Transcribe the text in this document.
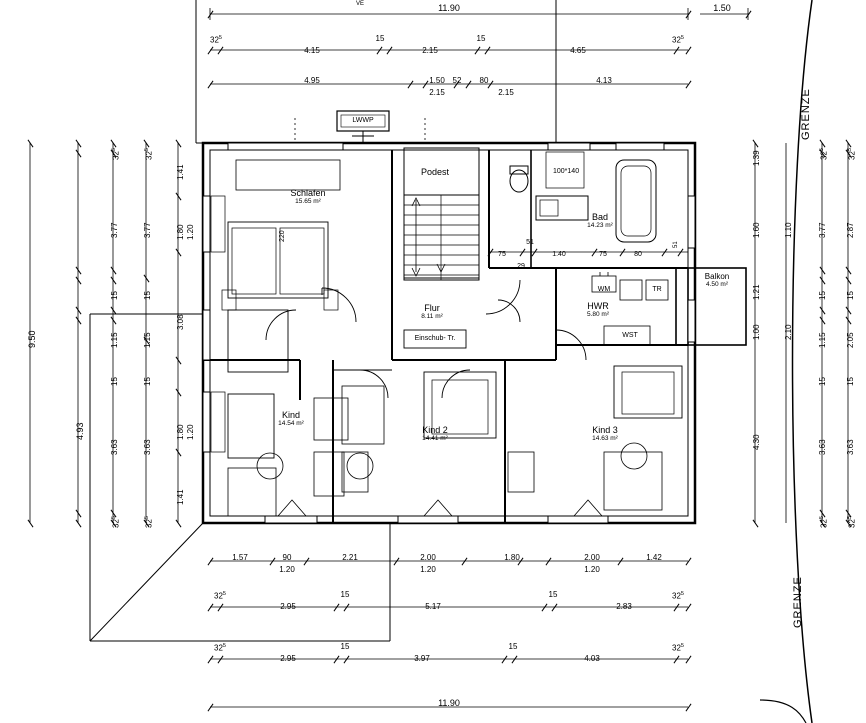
11.90	1.50
$32^5$
4.15
15
2.15
15
4.65
$32^5$
4.95	1.50
2.15
52 80
2.15
4.13
VE
LWWP
Schlafen
15.65 m²
Bad
14.23 m²
Balkon
4.50 m²
HWR
5.80 m²
Flur
8.11 m²
Kind
14.54 m²
Kind 2
14.41 m²
Kind 3
14.63 m²
Podest
Einschub- Tr.
WM	TR
WST
100*140
220
51
75	1.40	75	80
29
51
1.39
1.60	1.10
1.21
1.00	2.10
4.30
$32^5$
3.77
15
1.15
15
3.63
$32^5$
$32^5$
2.87
15
2.05
15
3.63
$32^5$
1.41
1.80 1.20
3.08
1.80 1.20
1.41
$32^5$
3.77
15
1.15
15
3.63
$32^5$
$32^5$
3.77
15
1.15
15
3.63
$32^5$
9.50
4.93
1.57	90
1.20
2.21	2.00
1.20
1.80	2.00
1.20
1.42
$32^5$
2.95
15
5.17
15
2.83
$32^5$
$32^5$
2.95
15
3.97
15
4.03
$32^5$
11.90
GRENZE
GRENZE
